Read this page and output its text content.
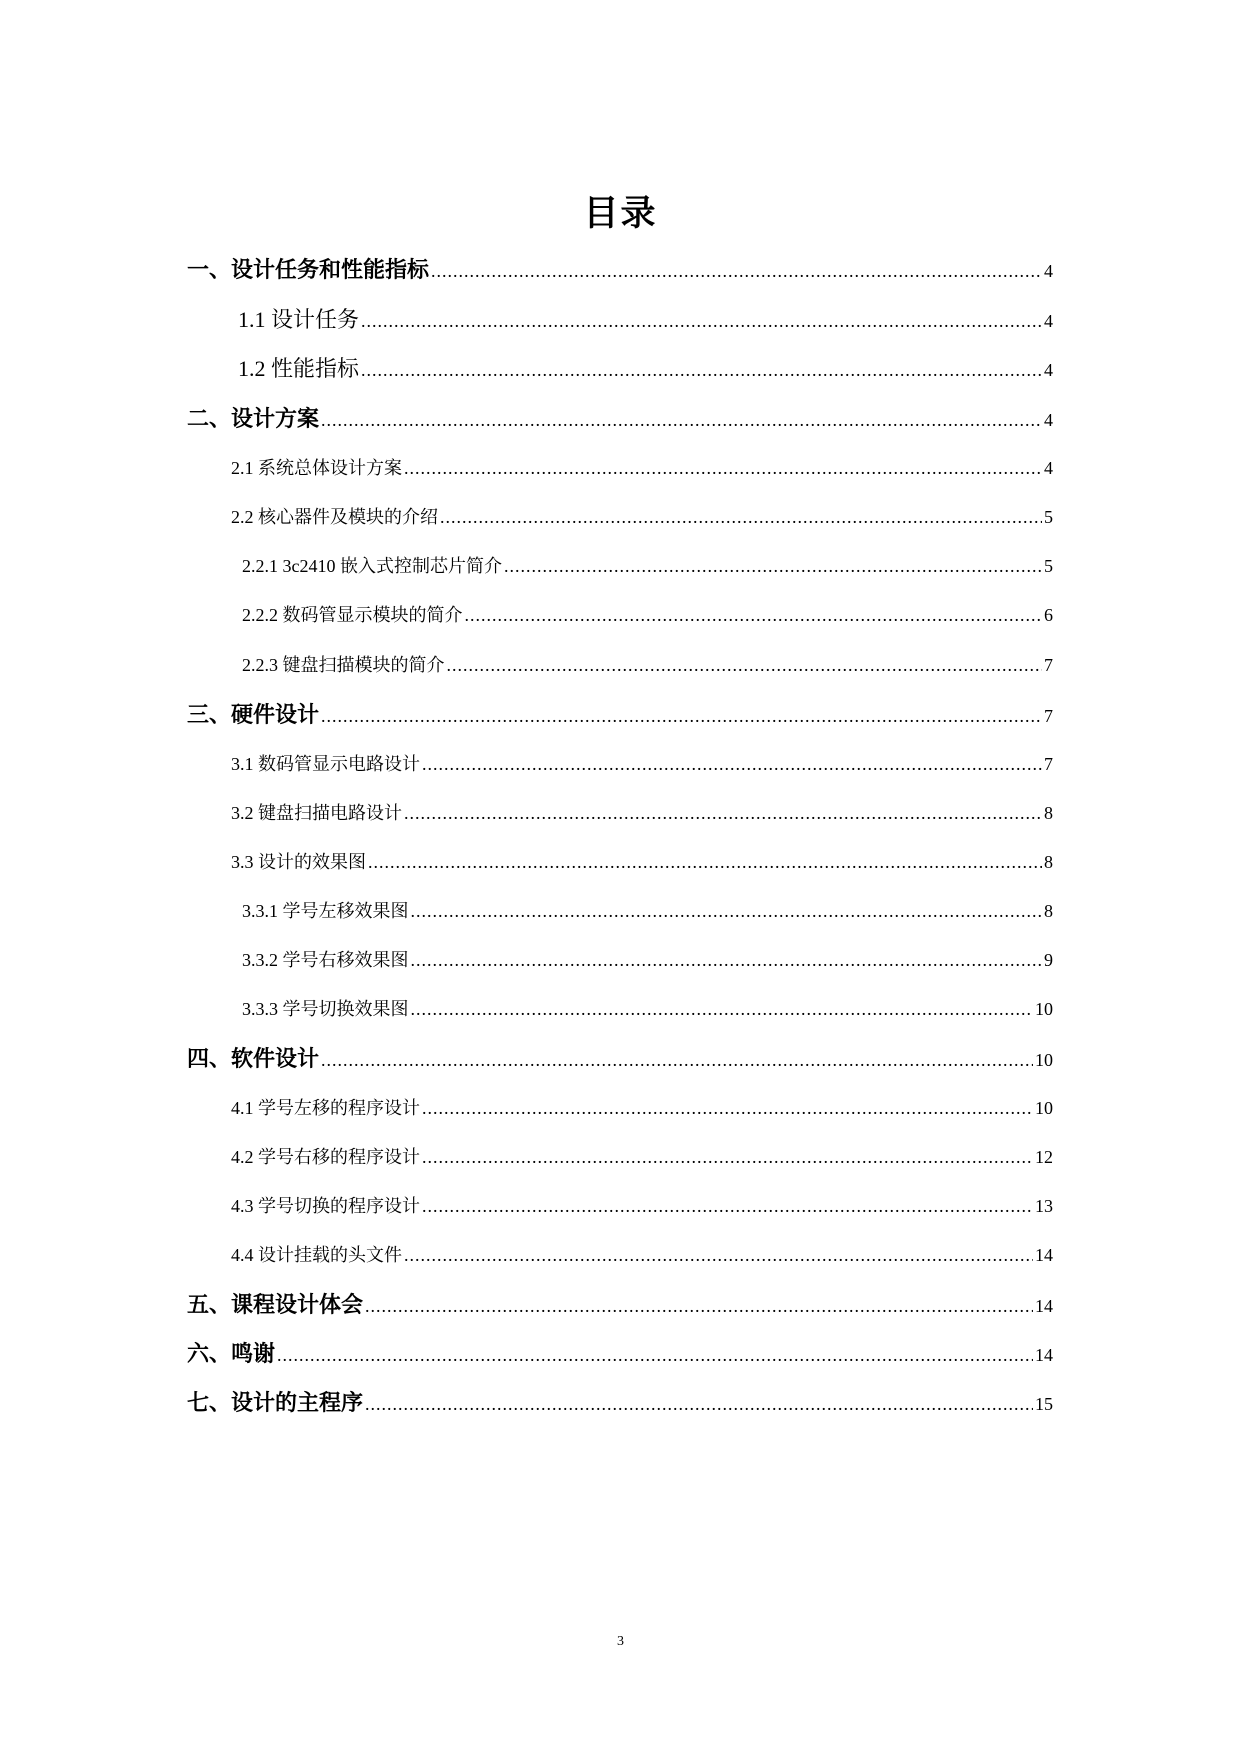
目录
一、设计任务和性能指标 .....	4
1.1 设计任务 .....	4
1.2 性能指标 .....	4
二、设计方案 .....	4
2.1 系统总体设计方案 .....	4
2.2 核心器件及模块的介绍 .....	5
2.2.1 3c2410 嵌入式控制芯片简介 .....	5
2.2.2 数码管显示模块的简介 .....	6
2.2.3 键盘扫描模块的简介 .....	7
三、硬件设计 .....	7
3.1 数码管显示电路设计 .....	7
3.2 键盘扫描电路设计 .....	8
3.3 设计的效果图 .....	8
3.3.1 学号左移效果图 .....	8
3.3.2 学号右移效果图 .....	9
3.3.3 学号切换效果图 .....	10
四、软件设计 .....	10
4.1 学号左移的程序设计 .....	10
4.2 学号右移的程序设计 .....	12
4.3 学号切换的程序设计 .....	13
4.4 设计挂载的头文件 .....	14
五、课程设计体会 .....	14
六、鸣谢 .....	14
七、设计的主程序 .....	15
3
